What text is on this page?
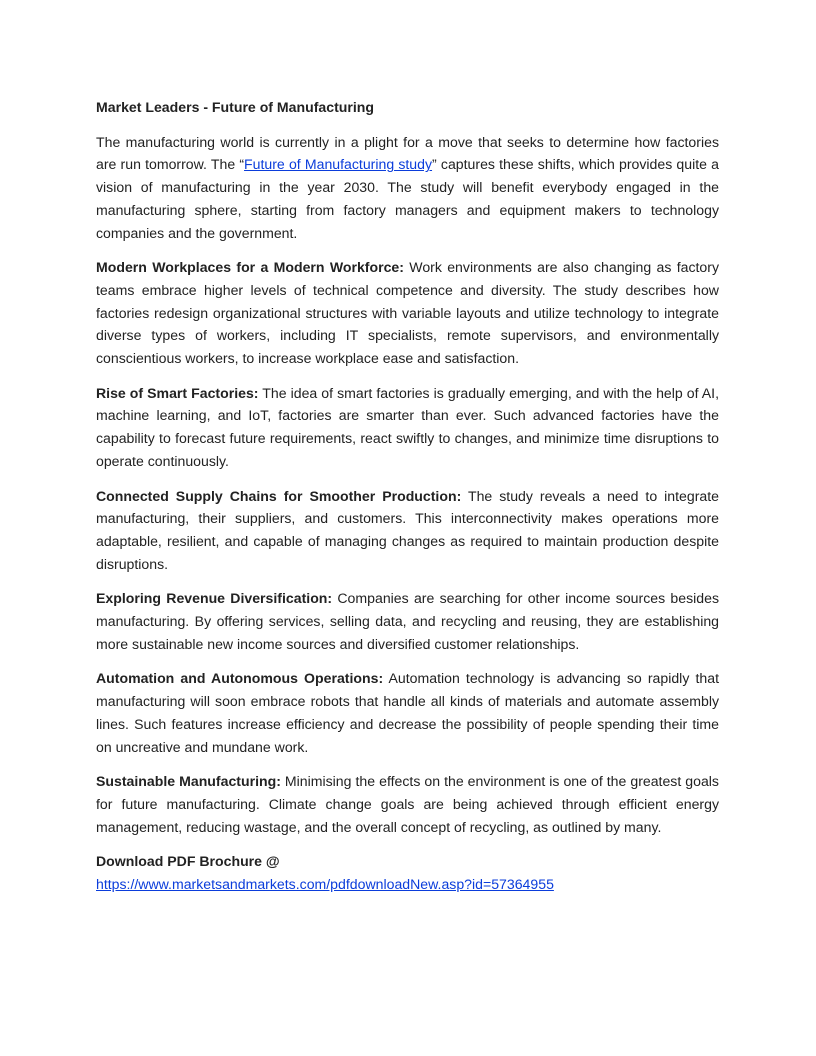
Market Leaders - Future of Manufacturing

The manufacturing world is currently in a plight for a move that seeks to determine how factories are run tomorrow. The “Future of Manufacturing study” captures these shifts, which provides quite a vision of manufacturing in the year 2030. The study will benefit everybody engaged in the manufacturing sphere, starting from factory managers and equipment makers to technology companies and the government.

Modern Workplaces for a Modern Workforce: Work environments are also changing as factory teams embrace higher levels of technical competence and diversity. The study describes how factories redesign organizational structures with variable layouts and utilize technology to integrate diverse types of workers, including IT specialists, remote supervisors, and environmentally conscientious workers, to increase workplace ease and satisfaction.

Rise of Smart Factories: The idea of smart factories is gradually emerging, and with the help of AI, machine learning, and IoT, factories are smarter than ever. Such advanced factories have the capability to forecast future requirements, react swiftly to changes, and minimize time disruptions to operate continuously.

Connected Supply Chains for Smoother Production: The study reveals a need to integrate manufacturing, their suppliers, and customers. This interconnectivity makes operations more adaptable, resilient, and capable of managing changes as required to maintain production despite disruptions.

Exploring Revenue Diversification: Companies are searching for other income sources besides manufacturing. By offering services, selling data, and recycling and reusing, they are establishing more sustainable new income sources and diversified customer relationships.

Automation and Autonomous Operations: Automation technology is advancing so rapidly that manufacturing will soon embrace robots that handle all kinds of materials and automate assembly lines. Such features increase efficiency and decrease the possibility of people spending their time on uncreative and mundane work.

Sustainable Manufacturing: Minimising the effects on the environment is one of the greatest goals for future manufacturing. Climate change goals are being achieved through efficient energy management, reducing wastage, and the overall concept of recycling, as outlined by many.

Download PDF Brochure @
https://www.marketsandmarkets.com/pdfdownloadNew.asp?id=57364955
